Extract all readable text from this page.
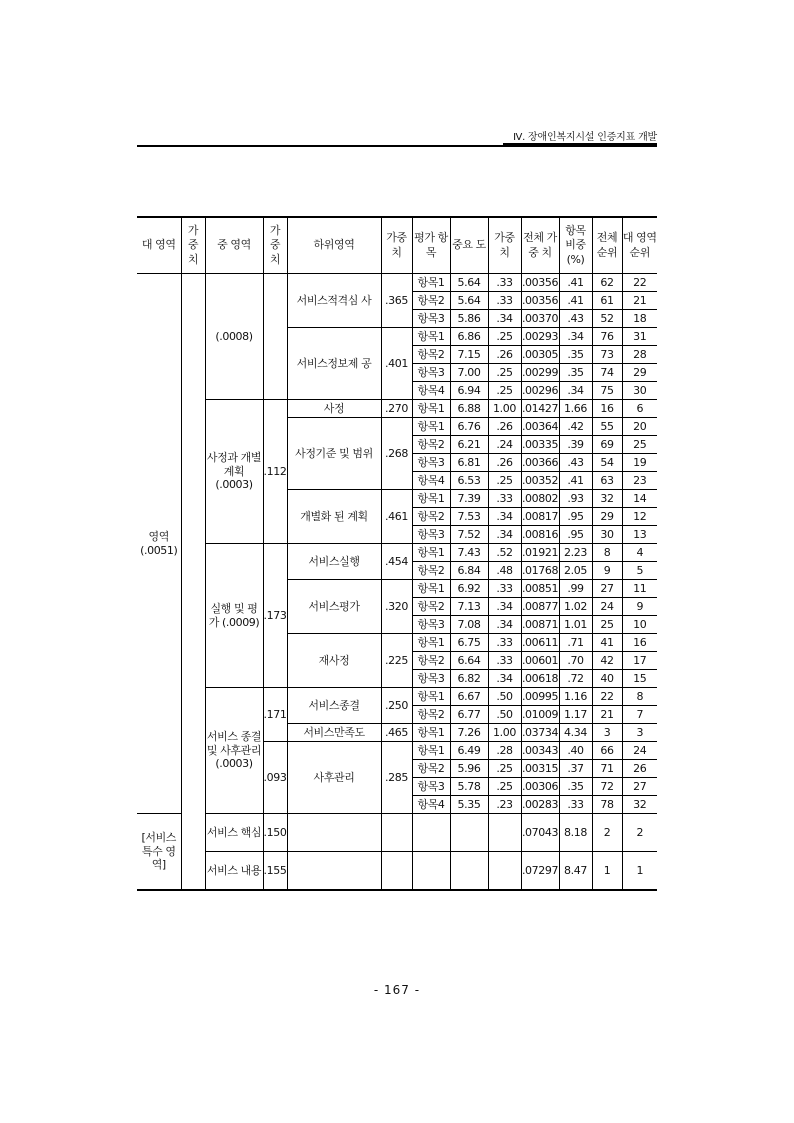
Ⅳ. 장애인복지시설 인증지표 개발
대 영역	가 중 치	중 영역	가 중 치	하위영역	가중 치	평가 항목	중요 도	가중 치	전체 가중 치	항목 비중 (%)	전체 순위	대 영역 순위
영역 (.0051)		(.0008)		서비스적격심 사	.365	항목1	5.64	.33	.00356	.41	62	22
						항목2	5.64	.33	.00356	.41	61	21
						항목3	5.86	.34	.00370	.43	52	18
				서비스정보제 공	.401	항목1	6.86	.25	.00293	.34	76	31
						항목2	7.15	.26	.00305	.35	73	28
						항목3	7.00	.25	.00299	.35	74	29
						항목4	6.94	.25	.00296	.34	75	30
		사정과 개별계획 (.0003)	.112	사정	.270	항목1	6.88	1.00	.01427	1.66	16	6
				사정기준 및 범위	.268	항목1	6.76	.26	.00364	.42	55	20
						항목2	6.21	.24	.00335	.39	69	25
						항목3	6.81	.26	.00366	.43	54	19
						항목4	6.53	.25	.00352	.41	63	23
				개별화 된 계획	.461	항목1	7.39	.33	.00802	.93	32	14
						항목2	7.53	.34	.00817	.95	29	12
						항목3	7.52	.34	.00816	.95	30	13
		실행 및 평가 (.0009)	.173	서비스실행	.454	항목1	7.43	.52	.01921	2.23	8	4
						항목2	6.84	.48	.01768	2.05	9	5
				서비스평가	.320	항목1	6.92	.33	.00851	.99	27	11
						항목2	7.13	.34	.00877	1.02	24	9
						항목3	7.08	.34	.00871	1.01	25	10
				재사정	.225	항목1	6.75	.33	.00611	.71	41	16
						항목2	6.64	.33	.00601	.70	42	17
						항목3	6.82	.34	.00618	.72	40	15
		서비스 종결 및 사후관리 (.0003)	.171	서비스종결	.250	항목1	6.67	.50	.00995	1.16	22	8
						항목2	6.77	.50	.01009	1.17	21	7
				서비스만족도	.465	항목1	7.26	1.00	.03734	4.34	3	3
			.093	사후관리	.285	항목1	6.49	.28	.00343	.40	66	24
						항목2	5.96	.25	.00315	.37	71	26
						항목3	5.78	.25	.00306	.35	72	27
						항목4	5.35	.23	.00283	.33	78	32
[서비스 특수 영역]		서비스 핵심	.150						.07043	8.18	2	2
		서비스 내용	.155						.07297	8.47	1	1
- 167 -
